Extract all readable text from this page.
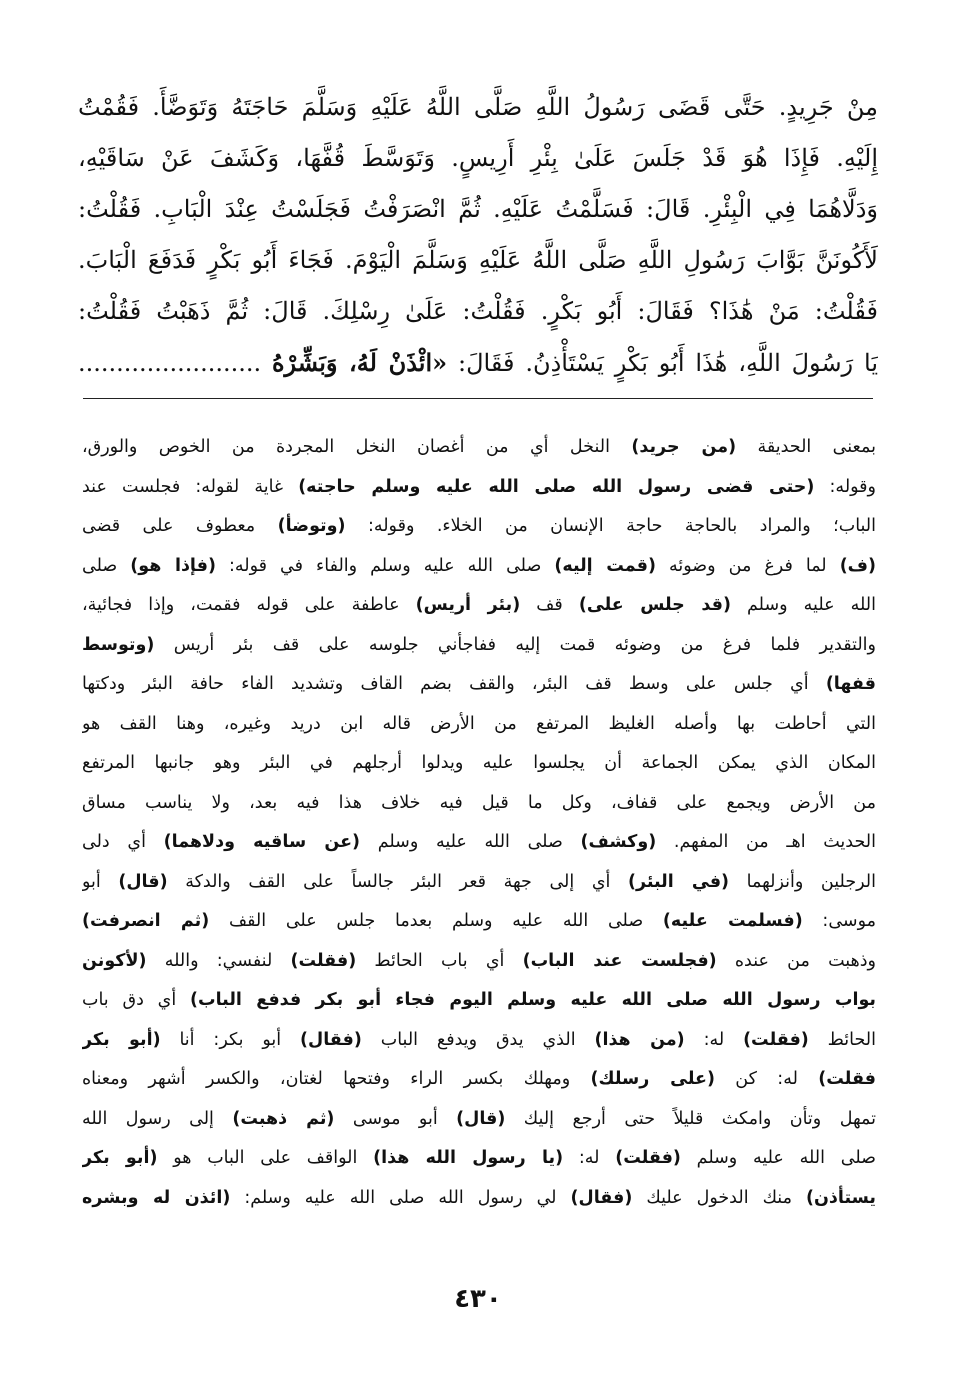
مِنْ جَرِيدٍ. حَتَّى قَضَى رَسُولُ اللَّهِ صَلَّى اللَّهُ عَلَيْهِ وَسَلَّمَ حَاجَتَهُ وَتَوَضَّأَ. فَقُمْتُ
إِلَيْهِ. فَإِذَا هُوَ قَدْ جَلَسَ عَلَىٰ بِئْرِ أَرِيسٍ. وَتَوَسَّطَ قُفَّهَا، وَكَشَفَ عَنْ سَاقَيْهِ،
وَدَلَّاهُمَا فِي الْبِئْرِ. قَالَ: فَسَلَّمْتُ عَلَيْهِ. ثُمَّ انْصَرَفْتُ فَجَلَسْتُ عِنْدَ الْبَابِ. فَقُلْتُ:
لَأَكُونَنَّ بَوَّابَ رَسُولِ اللَّهِ صَلَّى اللَّهُ عَلَيْهِ وَسَلَّمَ الْيَوْمَ. فَجَاءَ أَبُو بَكْرٍ فَدَفَعَ الْبَابَ.
فَقُلْتُ: مَنْ هَٰذَا؟ فَقَالَ: أَبُو بَكْرٍ. فَقُلْتُ: عَلَىٰ رِسْلِكَ. قَالَ: ثُمَّ ذَهَبْتُ فَقُلْتُ:
يَا رَسُولَ اللَّهِ، هَٰذَا أَبُو بَكْرٍ يَسْتَأْذِنُ. فَقَالَ: «ائْذَنْ لَهُ، وَبَشِّرْهُ ........................
بمعنى الحديقة (من جريد) النخل أي من أغصان النخل المجردة من الخوص والورق،
وقوله: (حتى قضى رسول الله صلى الله عليه وسلم حاجته) غاية لقوله: فجلست عند
الباب؛ والمراد بالحاجة حاجة الإنسان من الخلاء. وقوله: (وتوضأ) معطوف على قضى
(ف) لما فرغ من وضوئه (قمت إليه) صلى الله عليه وسلم والفاء في قوله: (فإذا هو) صلى
الله عليه وسلم (قد جلس على) قف (بئر أريس) عاطفة على قوله فقمت، وإذا فجائية،
والتقدير فلما فرغ من وضوئه قمت إليه ففاجأني جلوسه على قف بئر أريس (وتوسط
قفها) أي جلس على وسط قف البئر، والقف بضم القاف وتشديد الفاء حافة البئر ودكتها
التي أحاطت بها وأصله الغليظ المرتفع من الأرض قاله ابن دريد وغيره، وهنا القف هو
المكان الذي يمكن الجماعة أن يجلسوا عليه ويدلوا أرجلهم في البئر وهو جانبها المرتفع
من الأرض ويجمع على قفاف، وكل ما قيل فيه خلاف هذا فيه بعد، ولا يناسب مساق
الحديث اهـ من المفهم. (وكشف) صلى الله عليه وسلم (عن ساقيه ودلاهما) أي دلى
الرجلين وأنزلهما (في البئر) أي إلى جهة قعر البئر جالساً على القف والدكة (قال) أبو
موسى: (فسلمت عليه) صلى الله عليه وسلم بعدما جلس على القف (ثم انصرفت)
وذهبت من عنده (فجلست عند الباب) أي باب الحائط (فقلت) لنفسي: والله (لأكونن
بواب رسول الله صلى الله عليه وسلم اليوم فجاء أبو بكر فدفع الباب) أي دق باب
الحائط (فقلت) له: (من هذا) الذي يدق ويدفع الباب (فقال) أبو بكر: أنا (أبو بكر
فقلت) له: كن (على رسلك) ومهلك بكسر الراء وفتحها لغتان، والكسر أشهر ومعناه
تمهل وتأن وامكث قليلاً حتى أرجع إليك (قال) أبو موسى (ثم ذهبت) إلى رسول الله
صلى الله عليه وسلم (فقلت) له: (يا رسول الله هذا) الواقف على الباب هو (أبو بكر
يستأذن) منك الدخول عليك (فقال) لي رسول الله صلى الله عليه وسلم: (ائذن له وبشره
٤٣٠
